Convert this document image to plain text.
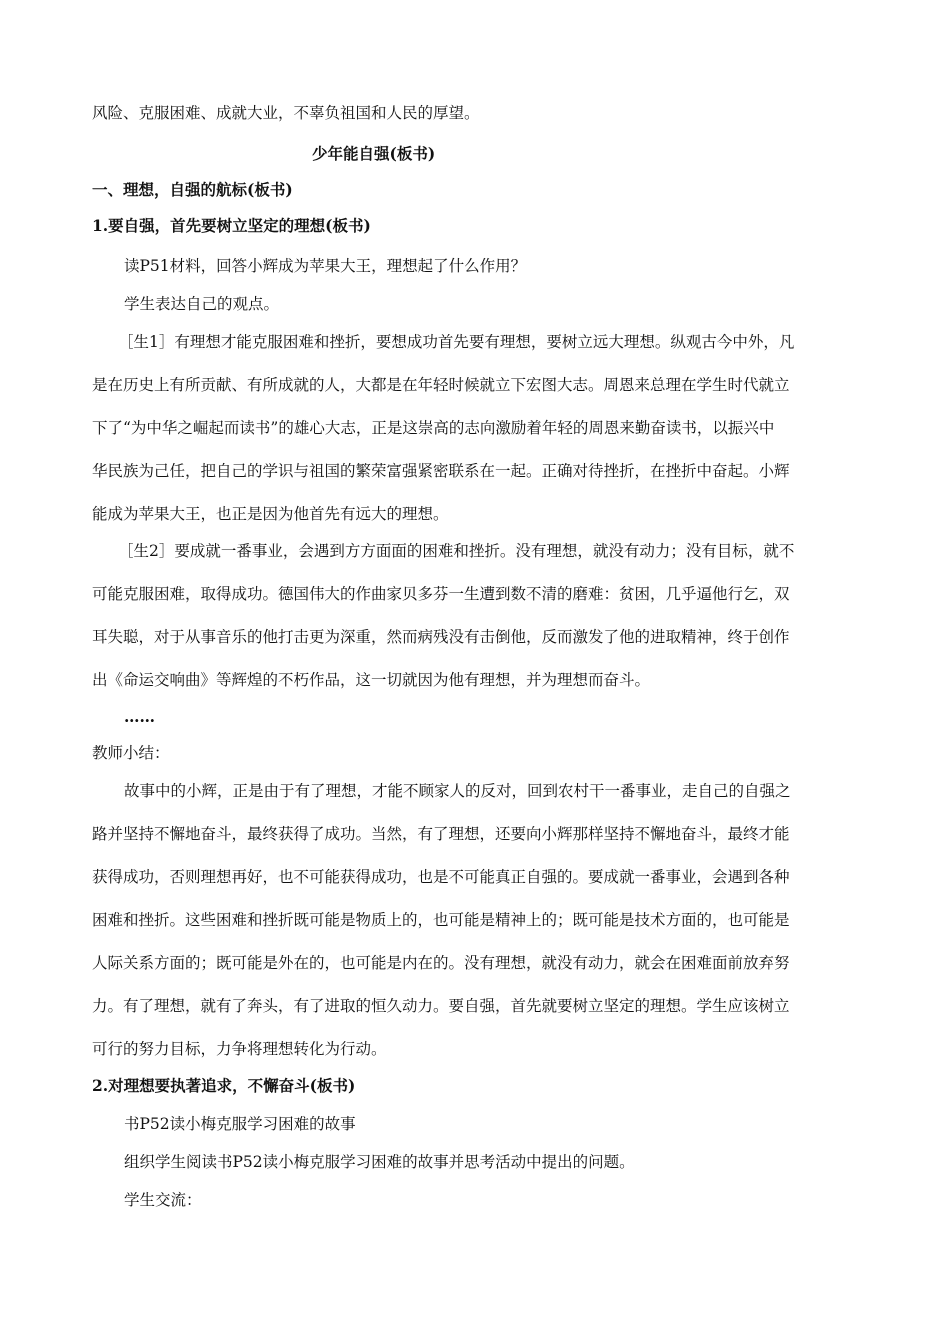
风险、克服困难、成就大业，不辜负祖国和人民的厚望。
少年能自强(板书)
一、理想，自强的航标(板书)
1.要自强，首先要树立坚定的理想(板书)
读P51材料，回答小辉成为苹果大王，理想起了什么作用？
学生表达自己的观点。
［生1］有理想才能克服困难和挫折，要想成功首先要有理想，要树立远大理想。纵观古今中外，凡
是在历史上有所贡献、有所成就的人，大都是在年轻时候就立下宏图大志。周恩来总理在学生时代就立
下了“为中华之崛起而读书”的雄心大志，正是这崇高的志向激励着年轻的周恩来勤奋读书，以振兴中
华民族为己任，把自己的学识与祖国的繁荣富强紧密联系在一起。正确对待挫折，在挫折中奋起。小辉
能成为苹果大王，也正是因为他首先有远大的理想。
［生2］要成就一番事业，会遇到方方面面的困难和挫折。没有理想，就没有动力；没有目标，就不
可能克服困难，取得成功。德国伟大的作曲家贝多芬一生遭到数不清的磨难：贫困，几乎逼他行乞，双
耳失聪，对于从事音乐的他打击更为深重，然而病残没有击倒他，反而激发了他的进取精神，终于创作
出《命运交响曲》等辉煌的不朽作品，这一切就因为他有理想，并为理想而奋斗。
……
教师小结：
故事中的小辉，正是由于有了理想，才能不顾家人的反对，回到农村干一番事业，走自己的自强之
路并坚持不懈地奋斗，最终获得了成功。当然，有了理想，还要向小辉那样坚持不懈地奋斗，最终才能
获得成功，否则理想再好，也不可能获得成功，也是不可能真正自强的。要成就一番事业，会遇到各种
困难和挫折。这些困难和挫折既可能是物质上的，也可能是精神上的；既可能是技术方面的，也可能是
人际关系方面的；既可能是外在的，也可能是内在的。没有理想，就没有动力，就会在困难面前放弃努
力。有了理想，就有了奔头，有了进取的恒久动力。要自强，首先就要树立坚定的理想。学生应该树立
可行的努力目标，力争将理想转化为行动。
2.对理想要执著追求，不懈奋斗(板书)
书P52读小梅克服学习困难的故事
组织学生阅读书P52读小梅克服学习困难的故事并思考活动中提出的问题。
学生交流：
